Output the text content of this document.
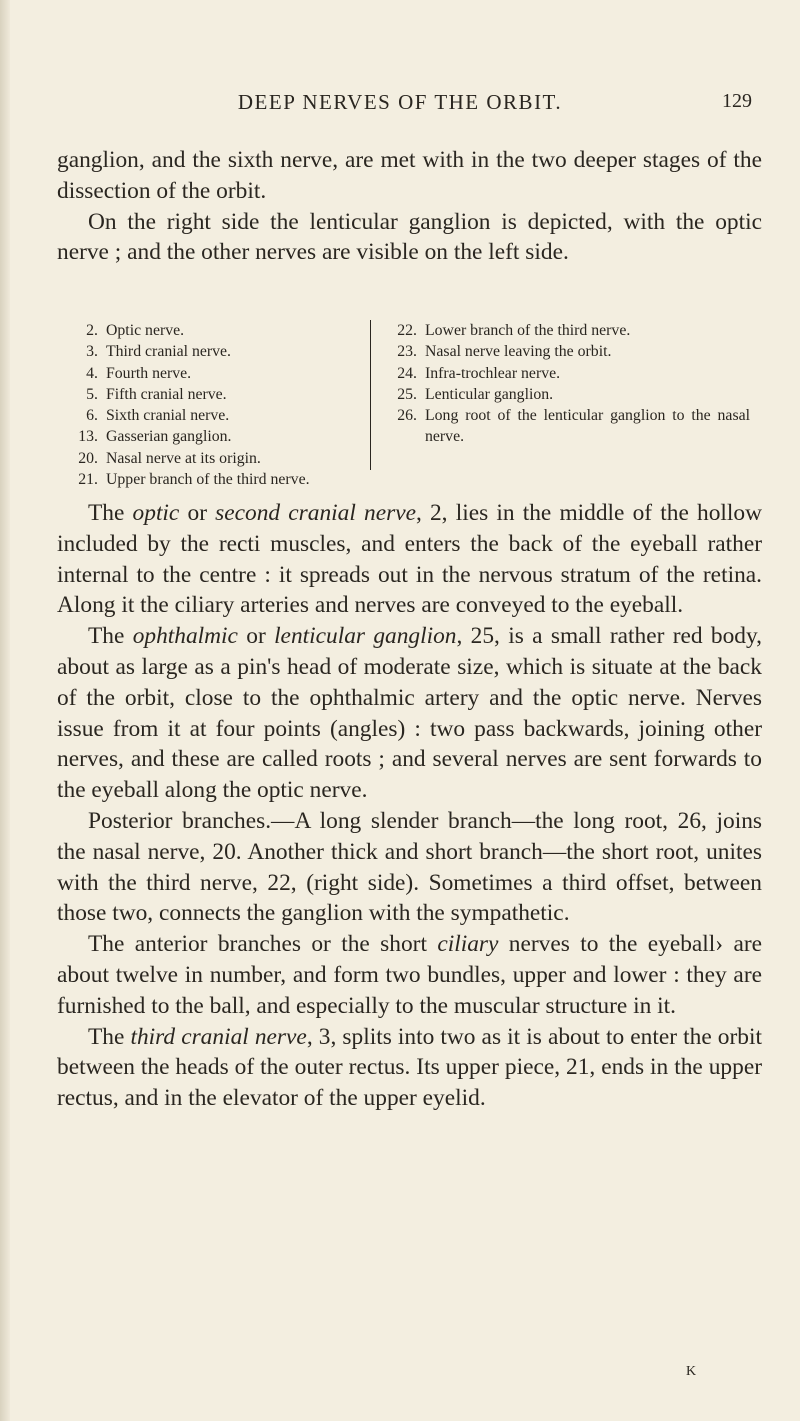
DEEP NERVES OF THE ORBIT.	129

ganglion, and the sixth nerve, are met with in the two deeper stages of the dissection of the orbit.

On the right side the lenticular ganglion is depicted, with the optic nerve ; and the other nerves are visible on the left side.

2. Optic nerve.
3. Third cranial nerve.
4. Fourth nerve.
5. Fifth cranial nerve.
6. Sixth cranial nerve.
13. Gasserian ganglion.
20. Nasal nerve at its origin.
21. Upper branch of the third nerve.
22. Lower branch of the third nerve.
23. Nasal nerve leaving the orbit.
24. Infra-trochlear nerve.
25. Lenticular ganglion.
26. Long root of the lenticular ganglion to the nasal nerve.

The optic or second cranial nerve, 2, lies in the middle of the hollow included by the recti muscles, and enters the back of the eyeball rather internal to the centre : it spreads out in the nervous stratum of the retina. Along it the ciliary arteries and nerves are conveyed to the eyeball.

The ophthalmic or lenticular ganglion, 25, is a small rather red body, about as large as a pin's head of moderate size, which is situate at the back of the orbit, close to the ophthalmic artery and the optic nerve. Nerves issue from it at four points (angles) : two pass backwards, joining other nerves, and these are called roots ; and several nerves are sent forwards to the eyeball along the optic nerve.

Posterior branches.—A long slender branch—the long root, 26, joins the nasal nerve, 20. Another thick and short branch—the short root, unites with the third nerve, 22, (right side). Sometimes a third offset, between those two, connects the ganglion with the sympathetic.

The anterior branches or the short ciliary nerves to the eyeball› are about twelve in number, and form two bundles, upper and lower : they are furnished to the ball, and especially to the muscular structure in it.

The third cranial nerve, 3, splits into two as it is about to enter the orbit between the heads of the outer rectus. Its upper piece, 21, ends in the upper rectus, and in the elevator of the upper eyelid.

K
